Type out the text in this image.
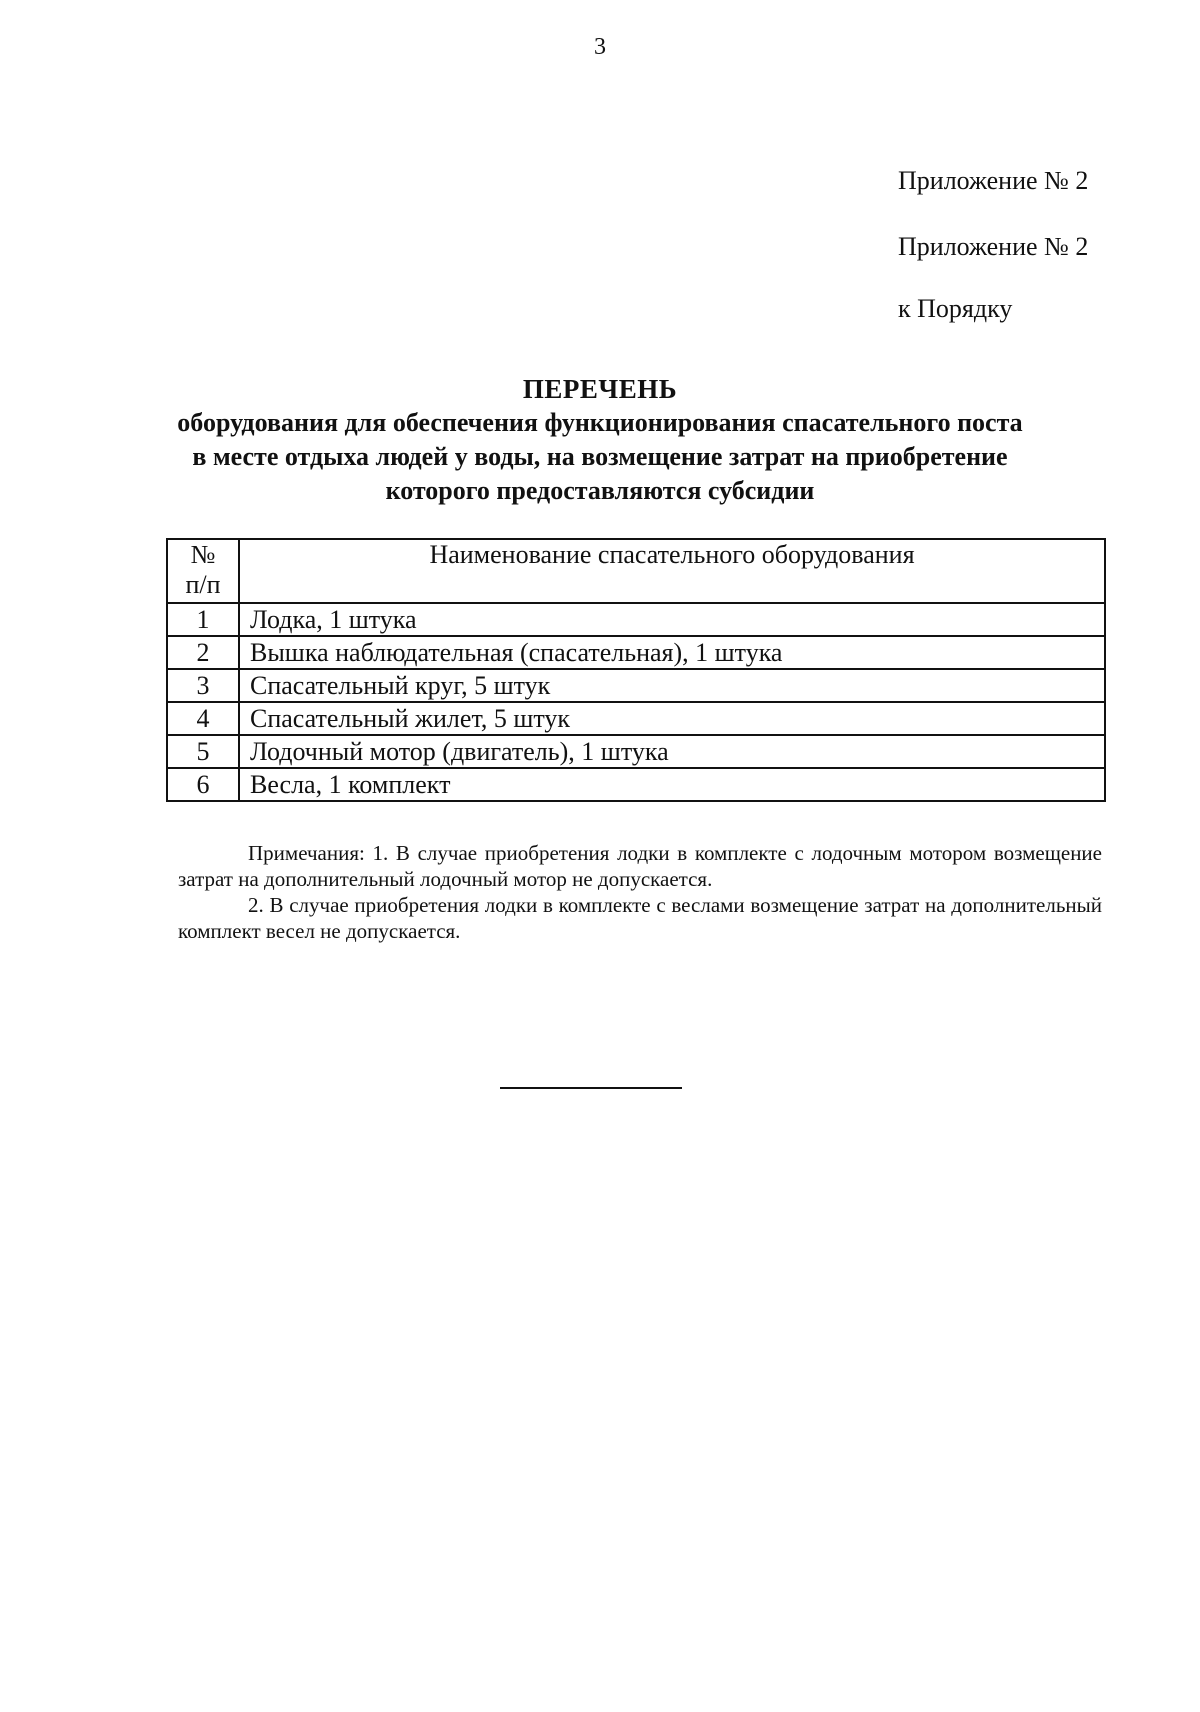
3
Приложение № 2
Приложение № 2
к Порядку
ПЕРЕЧЕНЬ
оборудования для обеспечения функционирования спасательного поста
в месте отдыха людей у воды, на возмещение затрат на приобретение
которого предоставляются субсидии
№
п/п	Наименование спасательного оборудования
1	Лодка, 1 штука
2	Вышка наблюдательная (спасательная), 1 штука
3	Спасательный круг, 5 штук
4	Спасательный жилет, 5 штук
5	Лодочный мотор (двигатель), 1 штука
6	Весла, 1 комплект

Примечания: 1. В случае приобретения лодки в комплекте с лодочным мотором возмещение затрат на дополнительный лодочный мотор не допускается.

2. В случае приобретения лодки в комплекте с веслами возмещение затрат на дополнительный комплект весел не допускается.
